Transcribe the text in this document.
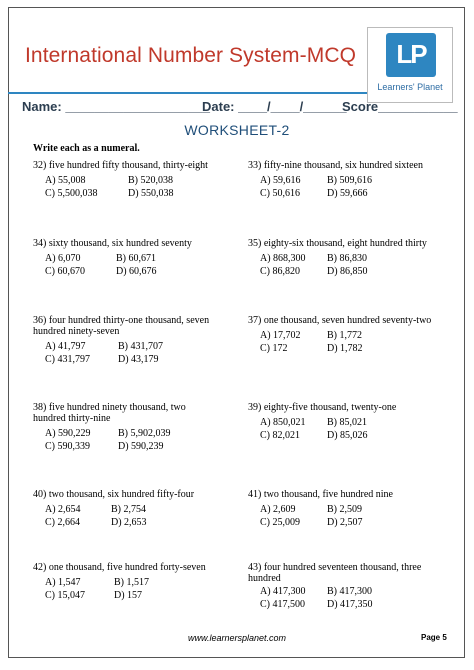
International Number System-MCQ	LP
Learners' Planet
Name: ____________________
Date: ____/____/______
Score___________
WORKSHEET-2
Write each as a numeral.
32) five hundred fifty thousand, thirty-eight
A) 55,008	B) 520,038
C) 5,500,038	D) 550,038
33) fifty-nine thousand, six hundred sixteen
A) 59,616	B) 509,616
C) 50,616	D) 59,666
34) sixty thousand, six hundred seventy
A) 6,070	B) 60,671
C) 60,670	D) 60,676
35) eighty-six thousand, eight hundred thirty
A) 868,300 B) 86,830
C) 86,820	D) 86,850
36) four hundred thirty-one thousand, seven hundred ninety-seven
A) 41,797	B) 431,707
C) 431,797	D) 43,179
37) one thousand, seven hundred seventy-two
A) 17,702	B) 1,772
C) 172	D) 1,782
38) five hundred ninety thousand, two hundred thirty-nine
A) 590,229	B) 5,902,039
C) 590,339	D) 590,239
39) eighty-five thousand, twenty-one
A) 850,021 B) 85,021
C) 82,021	D) 85,026
40) two thousand, six hundred fifty-four
A) 2,654	B) 2,754
C) 2,664	D) 2,653
41) two thousand, five hundred nine
A) 2,609	B) 2,509
C) 25,009	D) 2,507
42) one thousand, five hundred forty-seven
A) 1,547	B) 1,517
C) 15,047	D) 157
43) four hundred seventeen thousand, three hundred
A) 417,300 B) 417,300
C) 417,500 D) 417,350
www.learnersplanet.com	Page 5
